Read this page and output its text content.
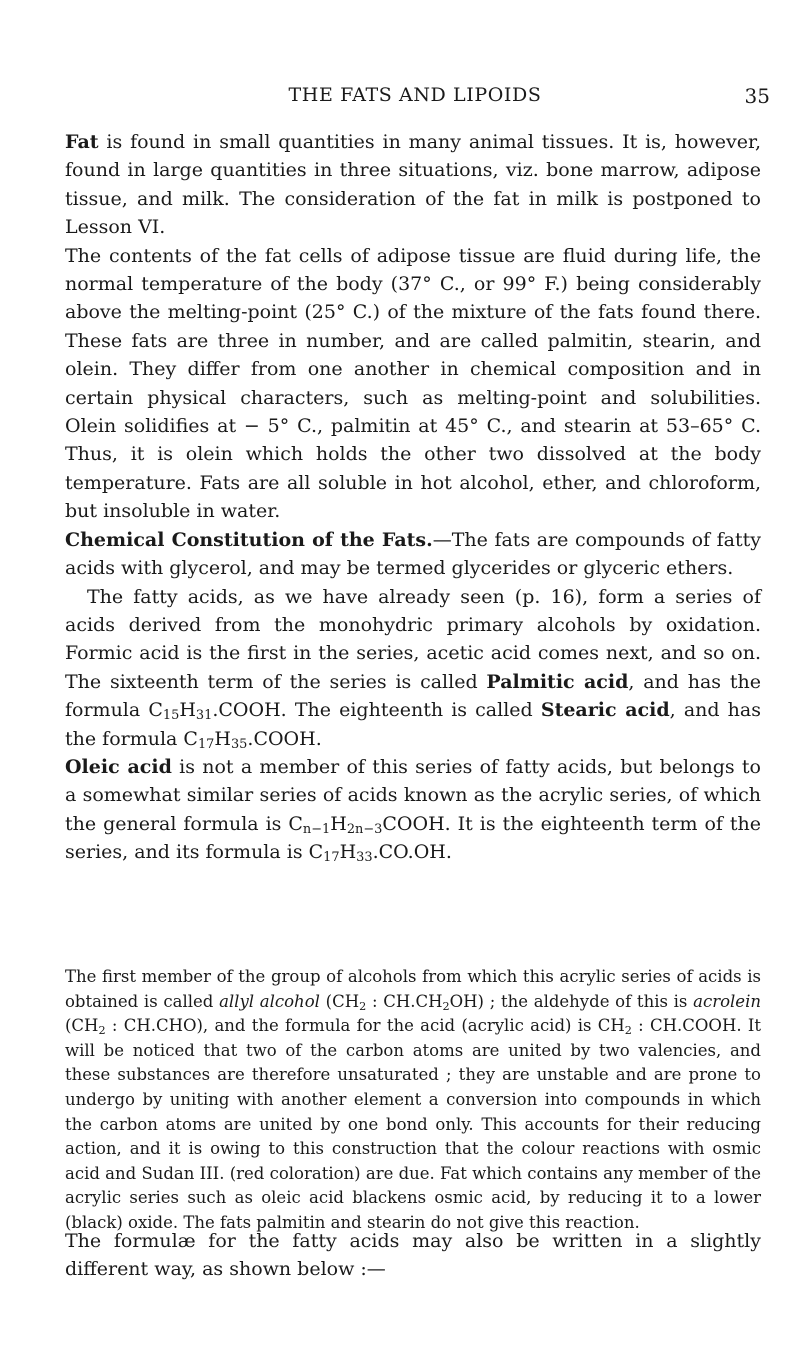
THE FATS AND LIPOIDS	35

Fat is found in small quantities in many animal tissues. It is, however, found in large quantities in three situations, viz. bone marrow, adipose tissue, and milk. The consideration of the fat in milk is postponed to Lesson VI.

The contents of the fat cells of adipose tissue are fluid during life, the normal temperature of the body (37° C., or 99° F.) being considerably above the melting-point (25° C.) of the mixture of the fats found there. These fats are three in number, and are called palmitin, stearin, and olein. They differ from one another in chemical composition and in certain physical characters, such as melting-point and solubilities. Olein solidifies at − 5° C., palmitin at 45° C., and stearin at 53–65° C. Thus, it is olein which holds the other two dissolved at the body temperature. Fats are all soluble in hot alcohol, ether, and chloroform, but insoluble in water.

Chemical Constitution of the Fats.—The fats are compounds of fatty acids with glycerol, and may be termed glycerides or glyceric ethers.

The fatty acids, as we have already seen (p. 16), form a series of acids derived from the monohydric primary alcohols by oxidation. Formic acid is the first in the series, acetic acid comes next, and so on. The sixteenth term of the series is called Palmitic acid, and has the formula $C_{15}H_{31}.COOH$. The eighteenth is called Stearic acid, and has the formula $C_{17}H_{35}.COOH$.

Oleic acid is not a member of this series of fatty acids, but belongs to a somewhat similar series of acids known as the acrylic series, of which the general formula is $C_{n-1}H_{2n-3}COOH$. It is the eighteenth term of the series, and its formula is $C_{17}H_{33}.CO.OH$.

The first member of the group of alcohols from which this acrylic series of acids is obtained is called allyl alcohol ($CH_2$ : $CH.CH_2OH$) ; the aldehyde of this is acrolein ($CH_2$ : CH.CHO), and the formula for the acid (acrylic acid) is $CH_2$ : CH.COOH. It will be noticed that two of the carbon atoms are united by two valencies, and these substances are therefore unsaturated ; they are unstable and are prone to undergo by uniting with another element a conversion into compounds in which the carbon atoms are united by one bond only. This accounts for their reducing action, and it is owing to this construction that the colour reactions with osmic acid and Sudan III. (red coloration) are due. Fat which contains any member of the acrylic series such as oleic acid blackens osmic acid, by reducing it to a lower (black) oxide. The fats palmitin and stearin do not give this reaction.

The formulæ for the fatty acids may also be written in a slightly different way, as shown below :—
